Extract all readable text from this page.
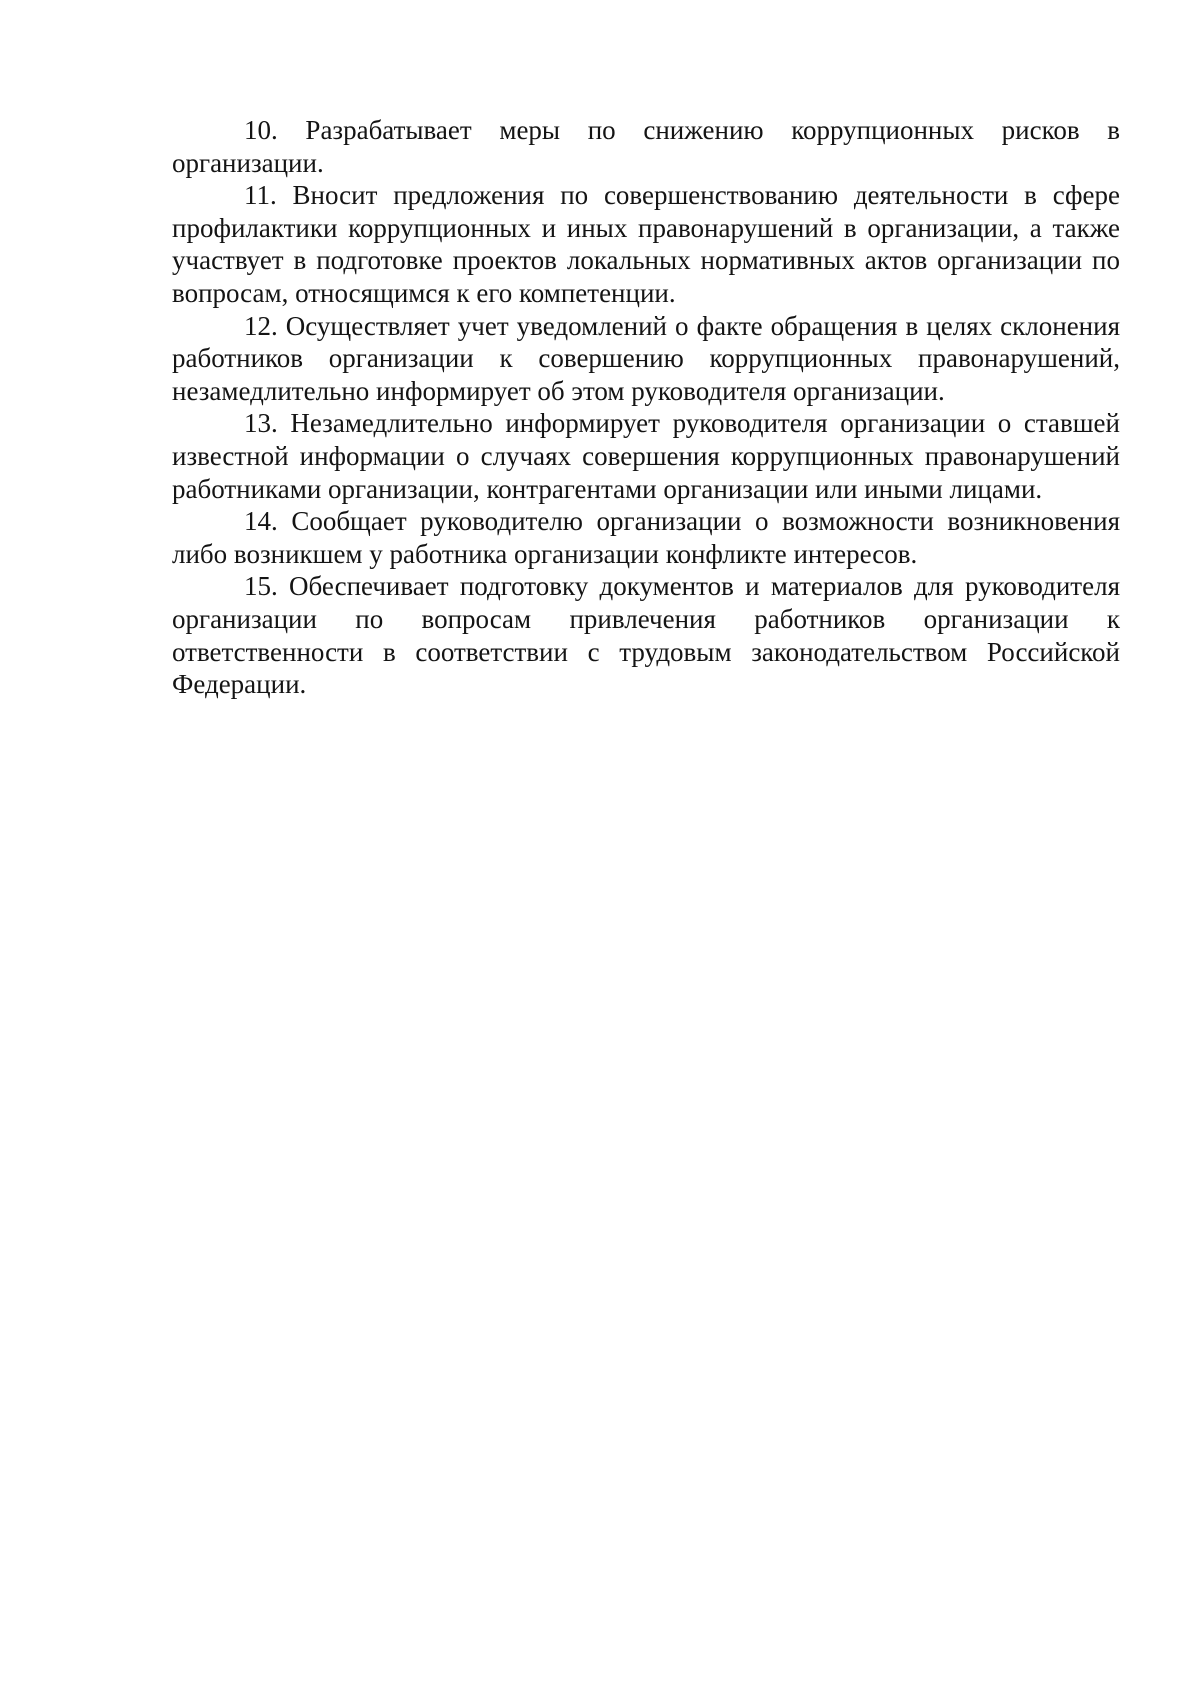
10. Разрабатывает меры по снижению коррупционных рисков в организации.

11. Вносит предложения по совершенствованию деятельности в сфере профилактики коррупционных и иных правонарушений в организации, а также участвует в подготовке проектов локальных нормативных актов организации по вопросам, относящимся к его компетенции.

12. Осуществляет учет уведомлений о факте обращения в целях склонения работников организации к совершению коррупционных правонарушений, незамедлительно информирует об этом руководителя организации.

13. Незамедлительно информирует руководителя организации о ставшей известной информации о случаях совершения коррупционных правонарушений работниками организации, контрагентами организации или иными лицами.

14. Сообщает руководителю организации о возможности возникновения либо возникшем у работника организации конфликте интересов.

15. Обеспечивает подготовку документов и материалов для руководителя организации по вопросам привлечения работников организации к ответственности в соответствии с трудовым законодательством Российской Федерации.
